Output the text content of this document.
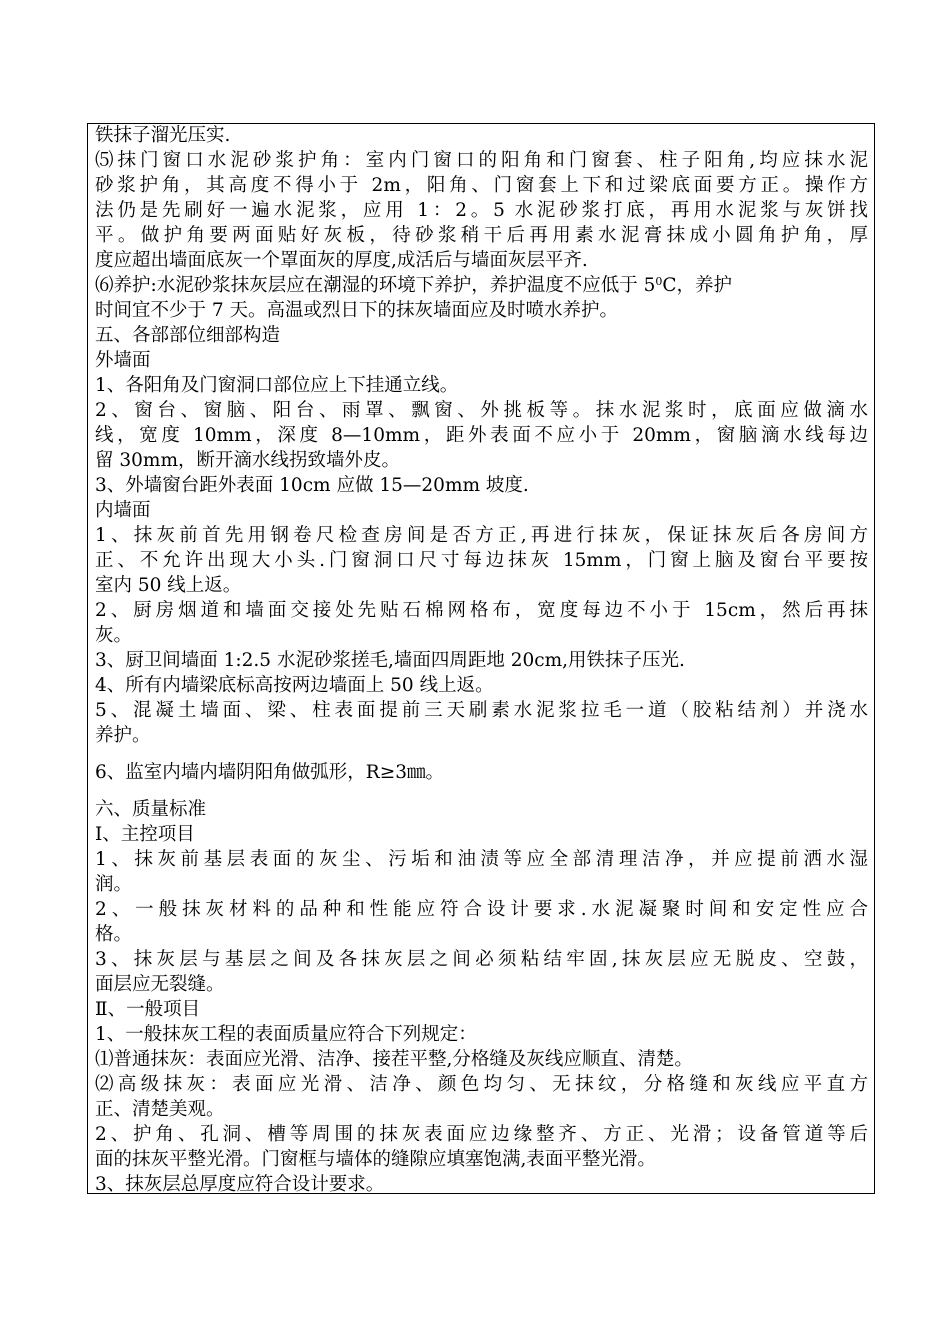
铁抹子溜光压实.
⑸抹门窗口水泥砂浆护角：室内门窗口的阳角和门窗套、柱子阳角,均应抹水泥
砂浆护角，其高度不得小于 2m，阳角、门窗套上下和过梁底面要方正。操作方
法仍是先刷好一遍水泥浆，应用 1：2。5 水泥砂浆打底，再用水泥浆与灰饼找
平。做护角要两面贴好灰板，待砂浆稍干后再用素水泥膏抹成小圆角护角，厚
度应超出墙面底灰一个罩面灰的厚度,成活后与墙面灰层平齐.
⑹养护:水泥砂浆抹灰层应在潮湿的环境下养护，养护温度不应低于 $5^0C$，养护
时间宜不少于 7 天。高温或烈日下的抹灰墙面应及时喷水养护。
五、各部部位细部构造
外墙面
1、各阳角及门窗洞口部位应上下挂通立线。
2、窗台、窗脑、阳台、雨罩、飘窗、外挑板等。抹水泥浆时，底面应做滴水
线，宽度 10mm，深度 8—10mm，距外表面不应小于 20mm，窗脑滴水线每边
留 30mm，断开滴水线拐致墙外皮。
3、外墙窗台距外表面 10cm 应做 15—20mm 坡度.
内墙面
1、抹灰前首先用钢卷尺检查房间是否方正,再进行抹灰，保证抹灰后各房间方
正、不允许出现大小头.门窗洞口尺寸每边抹灰 15mm，门窗上脑及窗台平要按
室内 50 线上返。
2、厨房烟道和墙面交接处先贴石棉网格布，宽度每边不小于 15cm，然后再抹
灰。
3、厨卫间墙面 1:2.5 水泥砂浆搓毛,墙面四周距地 20cm,用铁抹子压光.
4、所有内墙梁底标高按两边墙面上 50 线上返。
5、混凝土墙面、梁、柱表面提前三天刷素水泥浆拉毛一道（胶粘结剂）并浇水
养护。
6、监室内墙内墙阴阳角做弧形，R≥3㎜。
六、质量标准
Ⅰ、主控项目
1、抹灰前基层表面的灰尘、污垢和油渍等应全部清理洁净，并应提前洒水湿
润。
2、一般抹灰材料的品种和性能应符合设计要求.水泥凝聚时间和安定性应合
格。
3、抹灰层与基层之间及各抹灰层之间必须粘结牢固,抹灰层应无脱皮、空鼓，
面层应无裂缝。
Ⅱ、一般项目
1、一般抹灰工程的表面质量应符合下列规定：
⑴普通抹灰：表面应光滑、洁净、接茬平整,分格缝及灰线应顺直、清楚。
⑵高级抹灰：表面应光滑、洁净、颜色均匀、无抹纹，分格缝和灰线应平直方
正、清楚美观。
2、护角、孔洞、槽等周围的抹灰表面应边缘整齐、方正、光滑；设备管道等后
面的抹灰平整光滑。门窗框与墙体的缝隙应填塞饱满,表面平整光滑。
3、抹灰层总厚度应符合设计要求。
